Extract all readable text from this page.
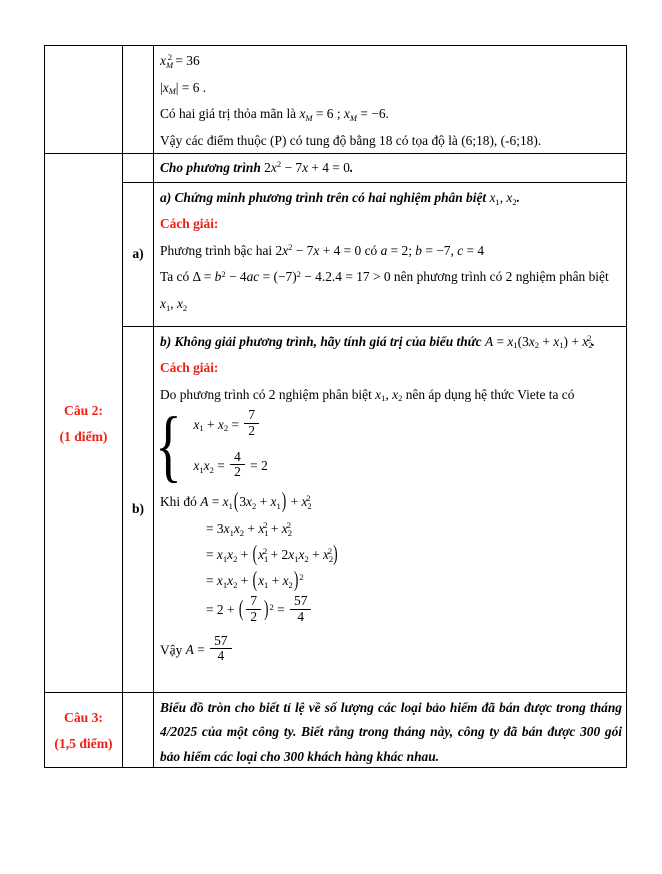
$x_M^2 = 36$
$|x_M| = 6$ .
Có hai giá trị thỏa mãn là $x_M = 6$ ; $x_M = -6$.
Vậy các điểm thuộc (P) có tung độ bằng 18 có tọa độ là (6;18), (-6;18).
Câu 2:
(1 điểm)
Cho phương trình $2x^2 - 7x + 4 = 0$.
a)
a) Chứng minh phương trình trên có hai nghiệm phân biệt $x_1$, $x_2$.
Cách giải:
Phương trình bậc hai $2x^2 - 7x + 4 = 0$ có a = 2; b = −7, c = 4
Ta có $\Delta = b^2 - 4ac = (-7)^2 - 4.2.4 = 17 > 0$ nên phương trình có 2 nghiệm phân biệt
$x_1$, $x_2$
b)
b) Không giải phương trình, hãy tính giá trị của biểu thức $A = x_1(3x_2 + x_1) + x_2^2$.
Cách giải:
Do phương trình có 2 nghiệm phân biệt $x_1$, $x_2$ nên áp dụng hệ thức Viete ta có
{ $x_1 + x_2 = \frac{7}{2}$
$x_1x_2 = \frac{4}{2} = 2$
Khi đó $A = x_1(3x_2 + x_1) + x_2^2$
= $3x_1x_2 + x_1^2 + x_2^2$
= $x_1x_2 + (x_1^2 + 2x_1x_2 + x_2^2)$
= $x_1x_2 + (x_1 + x_2)^2$
= 2 + ( $\frac{7}{2} )^2 = \frac{57}{4}$
Vậy $A = \frac{57}{4}$
Câu 3:
(1,5 điểm)
Biểu đồ tròn cho biết tỉ lệ về số lượng các loại bảo hiểm đã bán được trong tháng 4/2025 của một công ty. Biết rằng trong tháng này, công ty đã bán được 300 gói bảo hiểm các loại cho 300 khách hàng khác nhau.
